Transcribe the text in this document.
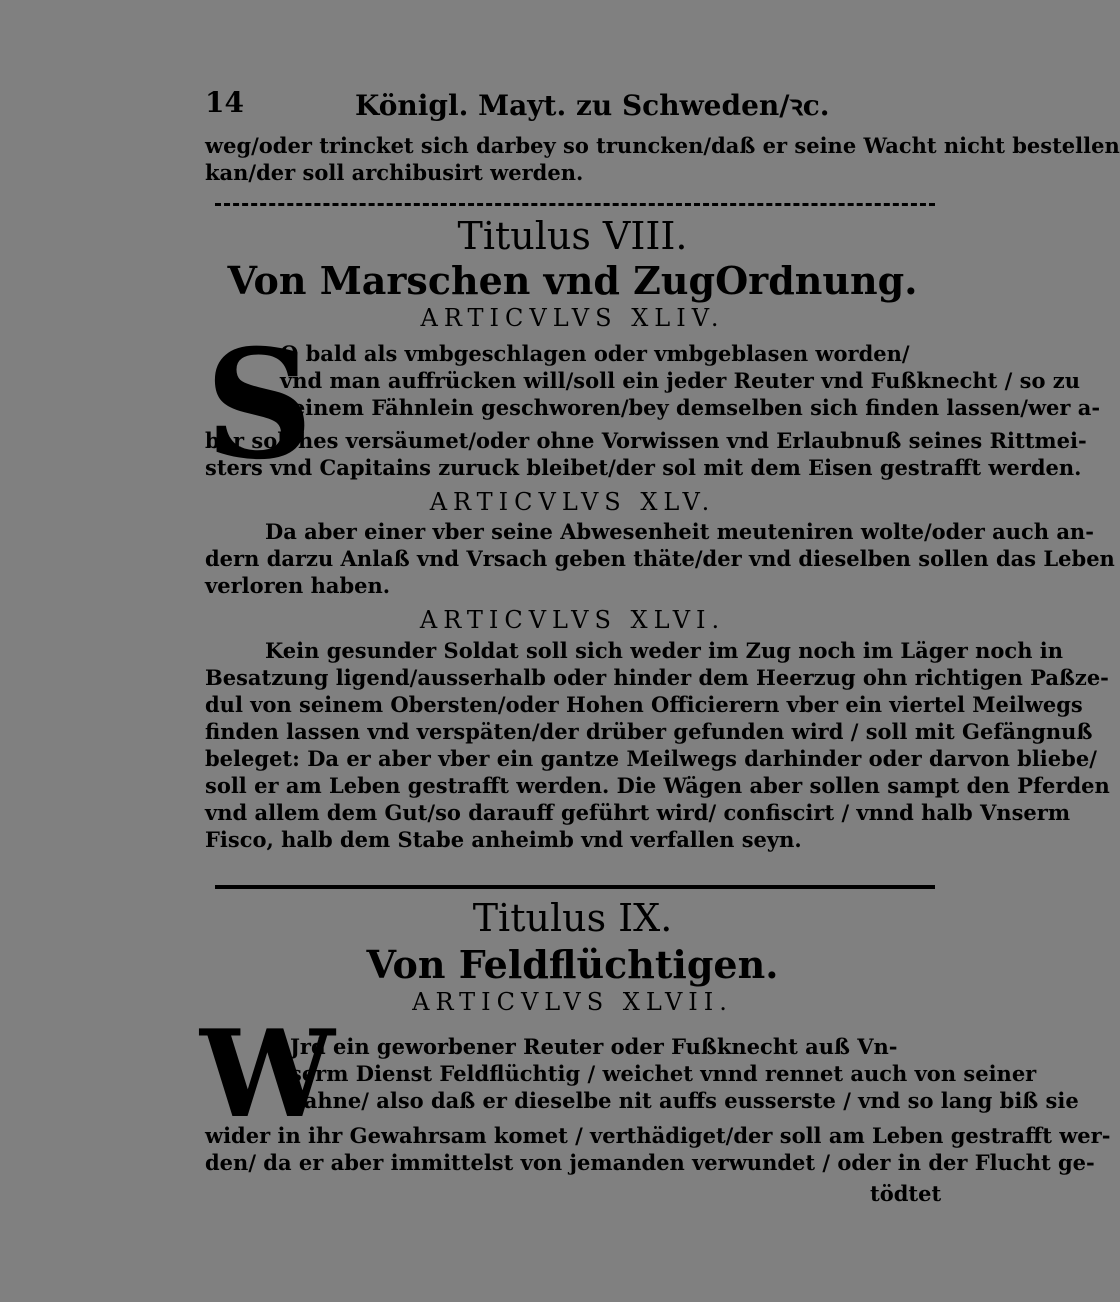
14	Königl. Mayt. zu Schweden/ꝛc.
weg/oder trincket sich darbey so truncken/daß er seine Wacht nicht bestellen
kan/der soll archibusirt werden.
Titulus VIII.
Von Marschen vnd ZugOrdnung.
ARTICVLVS XLIV.
S
O bald als vmbgeschlagen oder vmbgeblasen worden/
vnd man auffrücken will/soll ein jeder Reuter vnd Fußknecht / so zu
seinem Fähnlein geschworen/bey demselben sich finden lassen/wer a-
ber solches versäumet/oder ohne Vorwissen vnd Erlaubnuß seines Rittmei-
sters vnd Capitains zuruck bleibet/der sol mit dem Eisen gestrafft werden.
ARTICVLVS XLV.
Da aber einer vber seine Abwesenheit meuteniren wolte/oder auch an-
dern darzu Anlaß vnd Vrsach geben thäte/der vnd dieselben sollen das Leben
verloren haben.
ARTICVLVS XLVI.
Kein gesunder Soldat soll sich weder im Zug noch im Läger noch in
Besatzung ligend/ausserhalb oder hinder dem Heerzug ohn richtigen Paßze-
dul von seinem Obersten/oder Hohen Officierern vber ein viertel Meilwegs
finden lassen vnd verspäten/der drüber gefunden wird / soll mit Gefängnuß
beleget: Da er aber vber ein gantze Meilwegs darhinder oder darvon bliebe/
soll er am Leben gestrafft werden. Die Wägen aber sollen sampt den Pferden
vnd allem dem Gut/so darauff geführt wird/ confiscirt / vnnd halb Vnserm
Fisco, halb dem Stabe anheimb vnd verfallen seyn.
Titulus IX.
Von Feldflüchtigen.
ARTICVLVS XLVII.
W
Jrd ein geworbener Reuter oder Fußknecht auß Vn-
serm Dienst Feldflüchtig / weichet vnnd rennet auch von seiner
Fahne/ also daß er dieselbe nit auffs eusserste / vnd so lang biß sie
wider in ihr Gewahrsam komet / verthädiget/der soll am Leben gestrafft wer-
den/ da er aber immittelst von jemanden verwundet / oder in der Flucht ge-
tödtet
